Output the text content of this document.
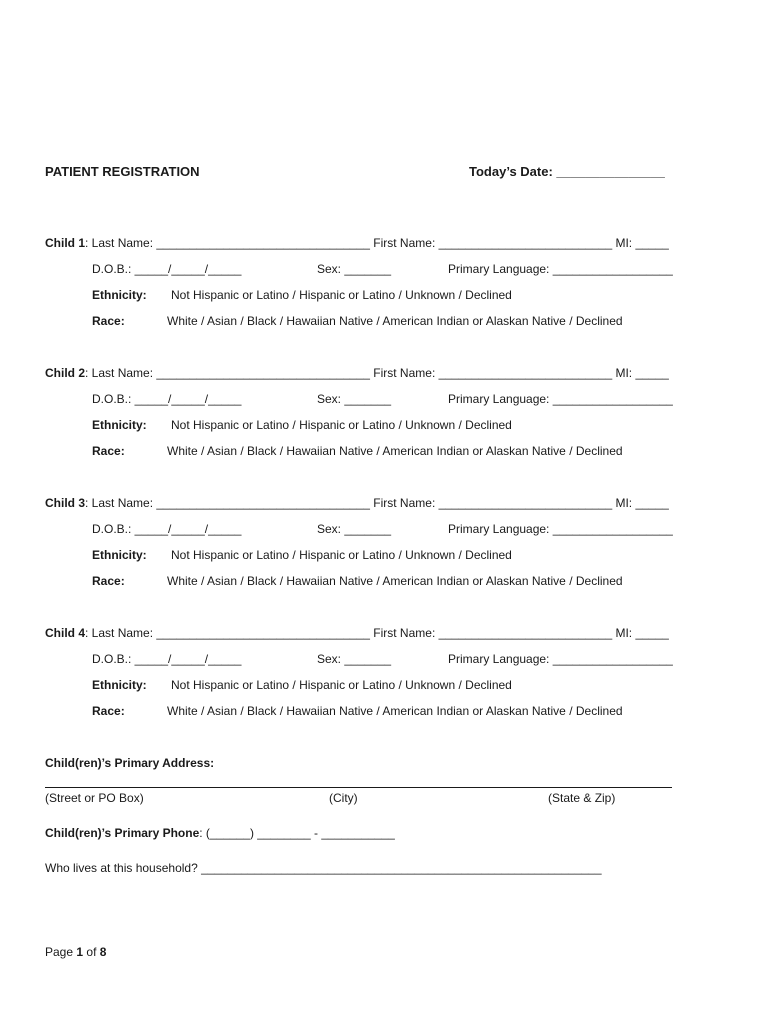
PATIENT REGISTRATION	Today’s Date: _______________
Child 1: Last Name: ________________________________ First Name: __________________________ MI: _____
D.O.B.: _____/_____/_____	Sex: _______	Primary Language: __________________
Ethnicity: Not Hispanic or Latino / Hispanic or Latino / Unknown / Declined
Race:	White / Asian / Black / Hawaiian Native / American Indian or Alaskan Native / Declined
Child 2: Last Name: ________________________________ First Name: __________________________ MI: _____
D.O.B.: _____/_____/_____	Sex: _______	Primary Language: __________________
Ethnicity: Not Hispanic or Latino / Hispanic or Latino / Unknown / Declined
Race:	White / Asian / Black / Hawaiian Native / American Indian or Alaskan Native / Declined
Child 3: Last Name: ________________________________ First Name: __________________________ MI: _____
D.O.B.: _____/_____/_____	Sex: _______	Primary Language: __________________
Ethnicity: Not Hispanic or Latino / Hispanic or Latino / Unknown / Declined
Race:	White / Asian / Black / Hawaiian Native / American Indian or Alaskan Native / Declined
Child 4: Last Name: ________________________________ First Name: __________________________ MI: _____
D.O.B.: _____/_____/_____	Sex: _______	Primary Language: __________________
Ethnicity: Not Hispanic or Latino / Hispanic or Latino / Unknown / Declined
Race:	White / Asian / Black / Hawaiian Native / American Indian or Alaskan Native / Declined
Child(ren)’s Primary Address:
(Street or PO Box)	(City)	(State & Zip)
Child(ren)’s Primary Phone: (______) ________ - ___________
Who lives at this household? ____________________________________________________________
Page 1 of 8
